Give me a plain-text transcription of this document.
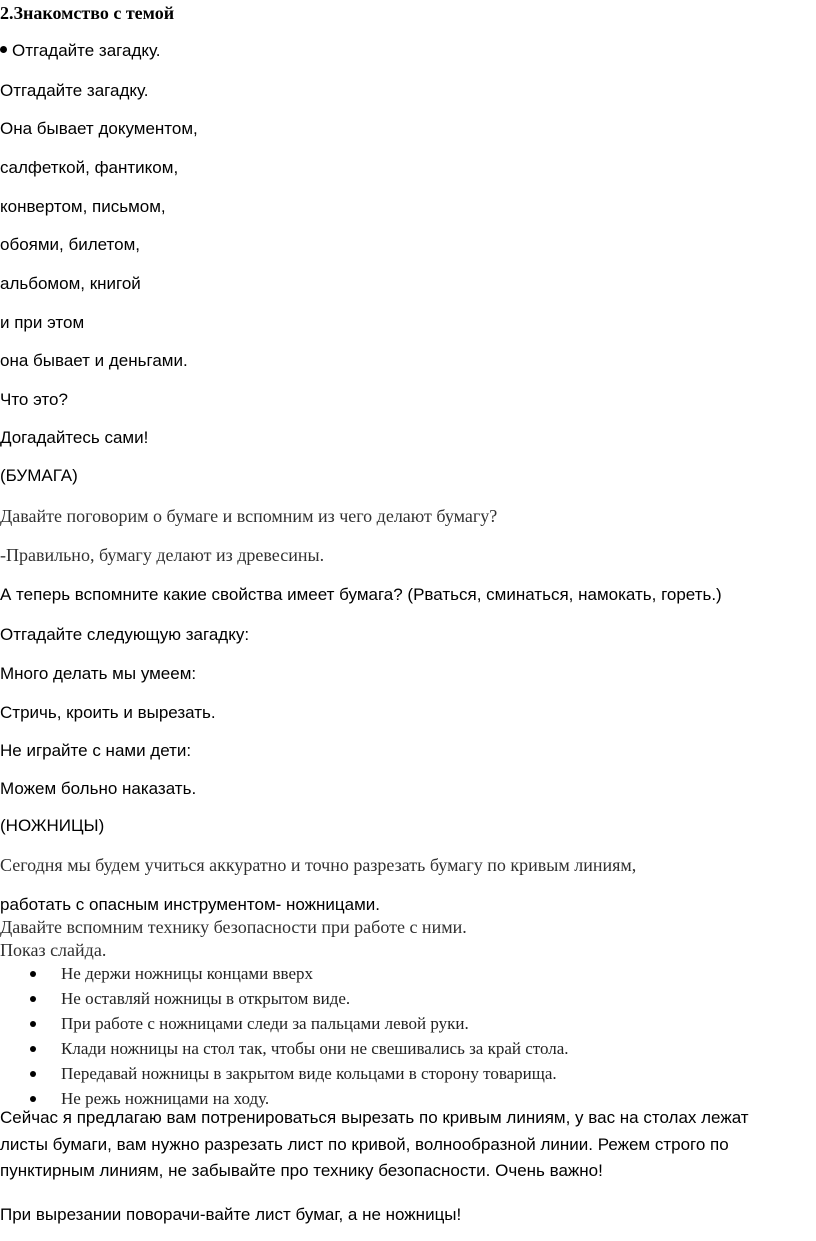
2.Знакомство с темой
Отгадайте загадку.
Отгадайте загадку.
Она бывает документом,
салфеткой, фантиком,
конвертом, письмом,
обоями, билетом,
альбомом, книгой
и при этом
она бывает и деньгами.
Что это?
Догадайтесь сами!
(БУМАГА)
Давайте поговорим о бумаге и вспомним из чего делают бумагу?
-Правильно, бумагу делают из древесины.
А теперь вспомните какие свойства имеет бумага? (Рваться, сминаться, намокать, гореть.)
Отгадайте следующую загадку:
Много делать мы умеем:
Стричь, кроить и вырезать.
Не играйте с нами дети:
Можем больно наказать.
(НОЖНИЦЫ)
Сегодня мы будем учиться аккуратно и точно разрезать бумагу по кривым линиям,
работать с опасным инструментом- ножницами.
Давайте вспомним технику безопасности при работе с ними.
Показ слайда.
Не держи ножницы концами вверх
Не оставляй ножницы в открытом виде.
При работе с ножницами следи за пальцами левой руки.
Клади ножницы на стол так, чтобы они не свешивались за край стола.
Передавай ножницы в закрытом виде кольцами в сторону товарища.
Не режь ножницами на ходу.
Сейчас я предлагаю вам потренироваться вырезать по кривым линиям, у вас на столах лежат
листы бумаги, вам нужно разрезать лист по кривой, волнообразной линии. Режем строго по
пунктирным линиям, не забывайте про технику безопасности. Очень важно!
При вырезании поворачи-вайте лист бумаг, а не ножницы!
